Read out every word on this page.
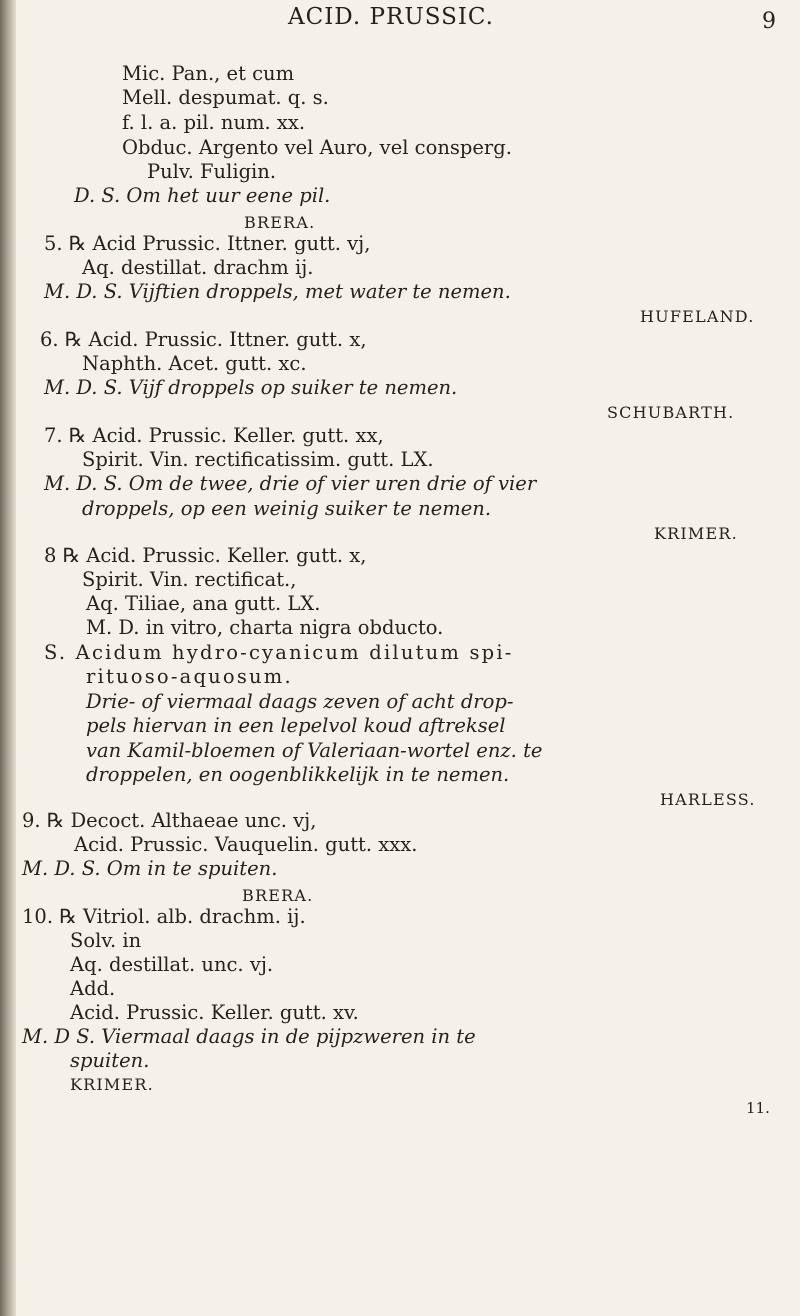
ACID. PRUSSIC.	9
Mic. Pan., et cum
Mell. despumat. q. s.
f. l. a. pil. num. xx.
Obduc. Argento vel Auro, vel consperg.
Pulv. Fuligin.
D. S. Om het uur eene pil.
BRERA.
5. ℞ Acid Prussic. Ittner. gutt. vj,
Aq. destillat. drachm ij.
M. D. S. Vijftien droppels, met water te nemen.
HUFELAND.
6. ℞ Acid. Prussic. Ittner. gutt. x,
Naphth. Acet. gutt. xc.
M. D. S. Vijf droppels op suiker te nemen.
SCHUBARTH.
7. ℞ Acid. Prussic. Keller. gutt. xx,
Spirit. Vin. rectificatissim. gutt. LX.
M. D. S. Om de twee, drie of vier uren drie of vier
droppels, op een weinig suiker te nemen.
KRIMER.
8 ℞ Acid. Prussic. Keller. gutt. x,
Spirit. Vin. rectificat.,
Aq. Tiliae, ana gutt. LX.
M. D. in vitro, charta nigra obducto.
S. Acidum hydro-cyanicum dilutum spi-
rituoso-aquosum.
Drie- of viermaal daags zeven of acht drop-
pels hiervan in een lepelvol koud aftreksel
van Kamil-bloemen of Valeriaan-wortel enz. te
droppelen, en oogenblikkelijk in te nemen.
HARLESS.
9. ℞ Decoct. Althaeae unc. vj,
Acid. Prussic. Vauquelin. gutt. xxx.
M. D. S. Om in te spuiten.
BRERA.
10. ℞ Vitriol. alb. drachm. ij.
Solv. in
Aq. destillat. unc. vj.
Add.
Acid. Prussic. Keller. gutt. xv.
M. D S. Viermaal daags in de pijpzweren in te
spuiten.
KRIMER.
11.
